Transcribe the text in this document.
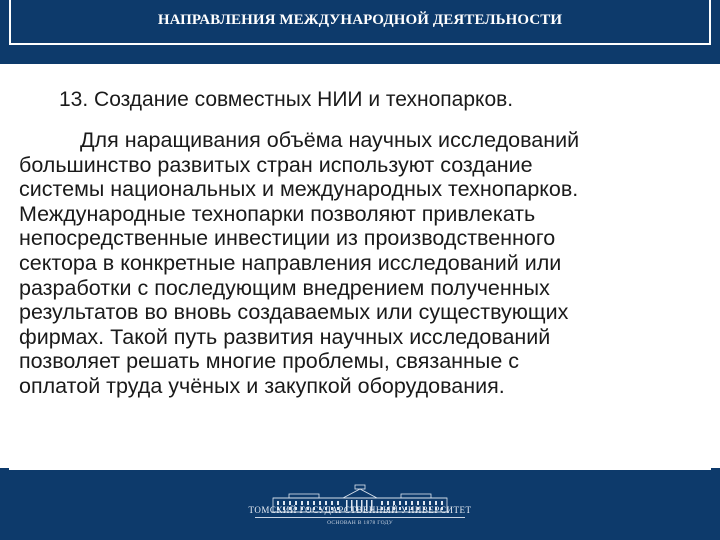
НАПРАВЛЕНИЯ МЕЖДУНАРОДНОЙ ДЕЯТЕЛЬНОСТИ
13. Создание совместных НИИ и технопарков.

Для наращивания объёма научных исследований
большинство развитых стран используют создание
системы национальных и международных технопарков.
Международные технопарки позволяют привлекать
непосредственные инвестиции из производственного
сектора в конкретные направления исследований или
разработки с последующим внедрением полученных
результатов во вновь создаваемых или существующих
фирмах. Такой путь развития научных исследований
позволяет решать многие проблемы, связанные с
оплатой труда учёных и закупкой оборудования.

ТОМСКИЙ ГОСУДАРСТВЕННЫЙ УНИВЕРСИТЕТ
ОСНОВАН В 1878 ГОДУ
